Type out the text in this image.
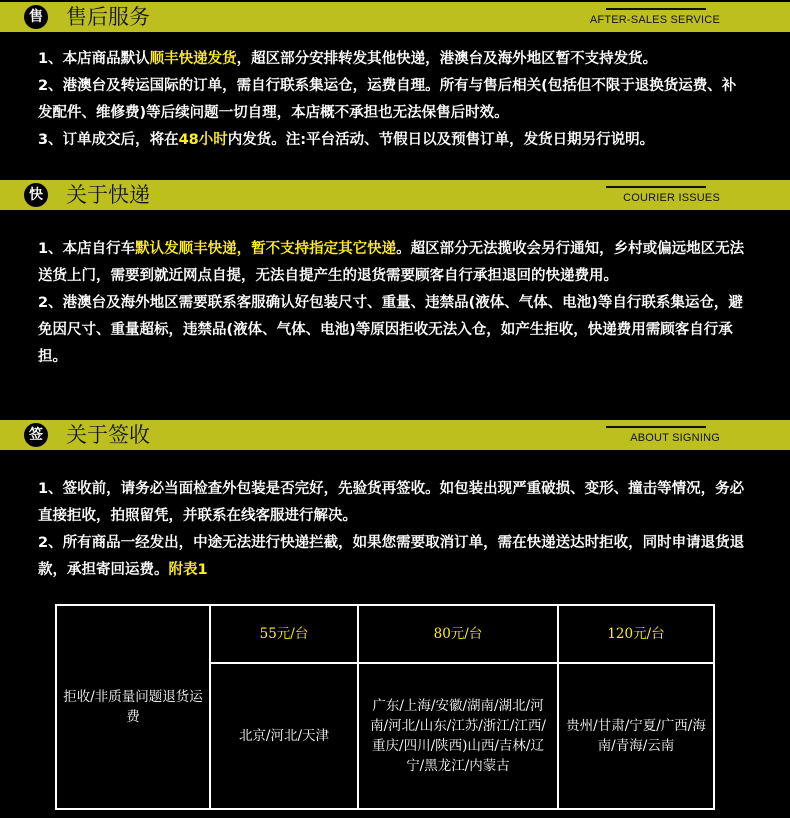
售 售后服务	AFTER-SALES SERVICE

1、本店商品默认顺丰快递发货，超区部分安排转发其他快递，港澳台及海外地区暂不支持发货。

2、港澳台及转运国际的订单，需自行联系集运仓，运费自理。所有与售后相关(包括但不限于退换货运费、补发配件、维修费)等后续问题一切自理，本店概不承担也无法保售后时效。

3、订单成交后，将在48小时内发货。注:平台活动、节假日以及预售订单，发货日期另行说明。

快 关于快递	COURIER ISSUES

1、本店自行车默认发顺丰快递，暂不支持指定其它快递。超区部分无法揽收会另行通知，乡村或偏远地区无法送货上门，需要到就近网点自提，无法自提产生的退货需要顾客自行承担退回的快递费用。

2、港澳台及海外地区需要联系客服确认好包装尺寸、重量、违禁品(液体、气体、电池)等自行联系集运仓，避免因尺寸、重量超标，违禁品(液体、气体、电池)等原因拒收无法入仓，如产生拒收，快递费用需顾客自行承担。

签 关于签收	ABOUT SIGNING

1、签收前，请务必当面检查外包装是否完好，先验货再签收。如包装出现严重破损、变形、撞击等情况，务必直接拒收，拍照留凭，并联系在线客服进行解决。

2、所有商品一经发出，中途无法进行快递拦截，如果您需要取消订单，需在快递送达时拒收，同时申请退货退款，承担寄回运费。附表1

拒收/非质量问题退货运费	55元/台	80元/台	120元/台
	北京/河北/天津	广东/上海/安徽/湖南/湖北/河南/河北/山东/江苏/浙江/江西/重庆/四川/陕西)山西/吉林/辽宁/黑龙江/内蒙古	贵州/甘肃/宁夏/广西/海南/青海/云南
